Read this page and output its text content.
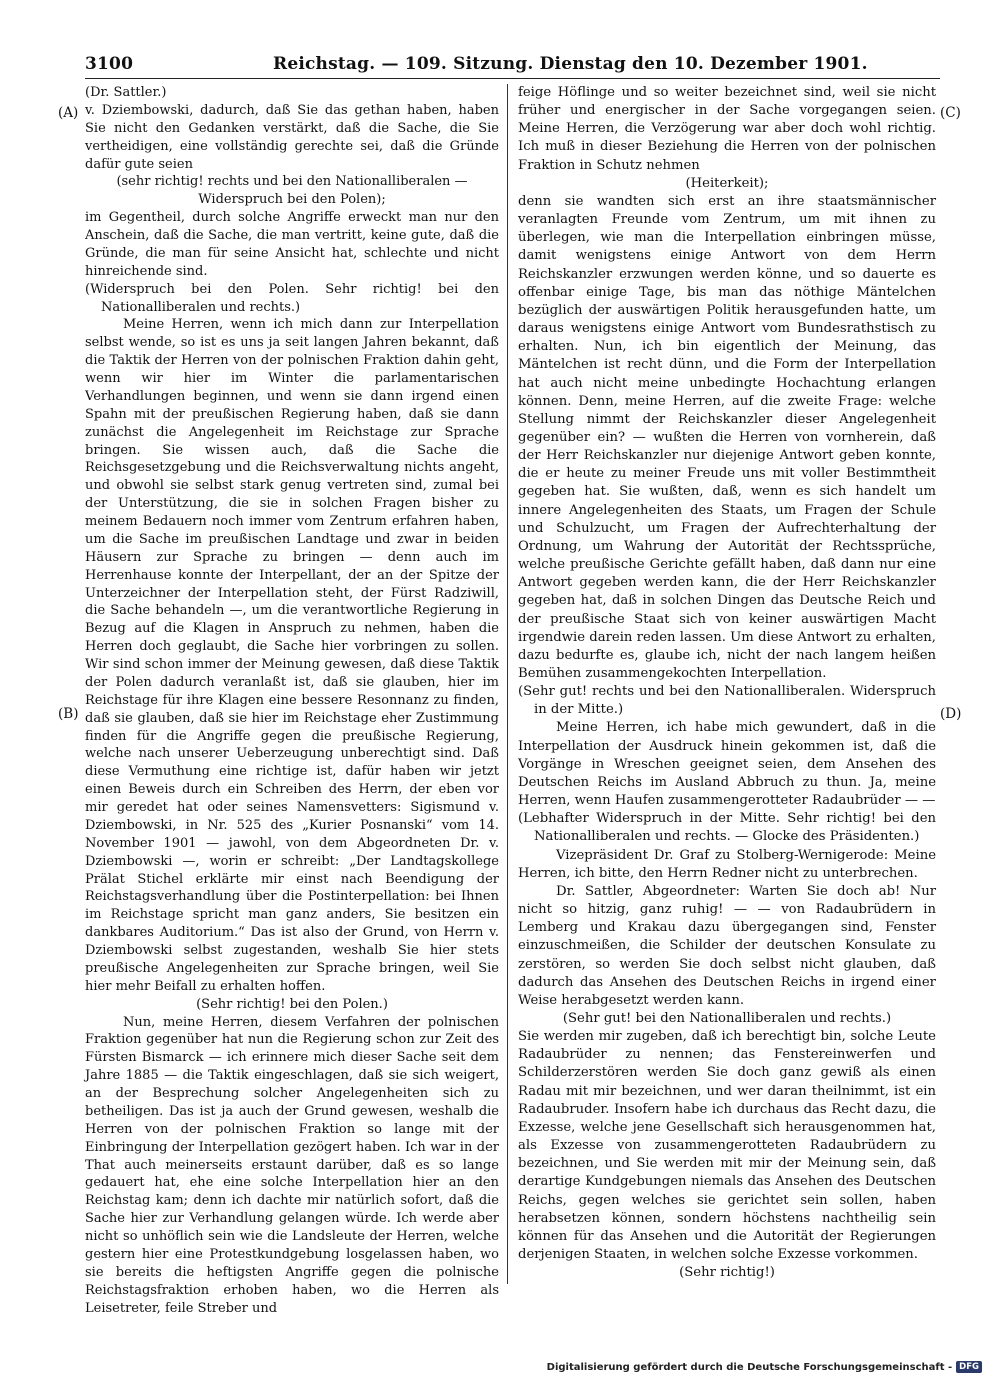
3100	Reichstag. — 109. Sitzung. Dienstag den 10. Dezember 1901.
(A)
(B)
(C)
(D)

(Dr. Sattler.)

v. Dziembowski, dadurch, daß Sie das gethan haben, haben Sie nicht den Gedanken verstärkt, daß die Sache, die Sie vertheidigen, eine vollständig gerechte sei, daß die Gründe dafür gute seien

(sehr richtig! rechts und bei den Nationalliberalen — Widerspruch bei den Polen);

im Gegentheil, durch solche Angriffe erweckt man nur den Anschein, daß die Sache, die man vertritt, keine gute, daß die Gründe, die man für seine Ansicht hat, schlechte und nicht hinreichende sind.

(Widerspruch bei den Polen. Sehr richtig! bei den Nationalliberalen und rechts.)

Meine Herren, wenn ich mich dann zur Interpellation selbst wende, so ist es uns ja seit langen Jahren bekannt, daß die Taktik der Herren von der polnischen Fraktion dahin geht, wenn wir hier im Winter die parlamentarischen Verhandlungen beginnen, und wenn sie dann irgend einen Spahn mit der preußischen Regierung haben, daß sie dann zunächst die Angelegenheit im Reichstage zur Sprache bringen. Sie wissen auch, daß die Sache die Reichsgesetzgebung und die Reichsverwaltung nichts angeht, und obwohl sie selbst stark genug vertreten sind, zumal bei der Unterstützung, die sie in solchen Fragen bisher zu meinem Bedauern noch immer vom Zentrum erfahren haben, um die Sache im preußischen Landtage und zwar in beiden Häusern zur Sprache zu bringen — denn auch im Herrenhause konnte der Interpellant, der an der Spitze der Unterzeichner der Interpellation steht, der Fürst Radziwill, die Sache behandeln —, um die verantwortliche Regierung in Bezug auf die Klagen in Anspruch zu nehmen, haben die Herren doch geglaubt, die Sache hier vorbringen zu sollen. Wir sind schon immer der Meinung gewesen, daß diese Taktik der Polen dadurch veranlaßt ist, daß sie glauben, hier im Reichstage für ihre Klagen eine bessere Resonnanz zu finden, daß sie glauben, daß sie hier im Reichstage eher Zustimmung finden für die Angriffe gegen die preußische Regierung, welche nach unserer Ueberzeugung unberechtigt sind. Daß diese Vermuthung eine richtige ist, dafür haben wir jetzt einen Beweis durch ein Schreiben des Herrn, der eben vor mir geredet hat oder seines Namensvetters: Sigismund v. Dziembowski, in Nr. 525 des „Kurier Posnanski“ vom 14. November 1901 — jawohl, von dem Abgeordneten Dr. v. Dziembowski —, worin er schreibt: „Der Landtagskollege Prälat Stichel erklärte mir einst nach Beendigung der Reichstagsverhandlung über die Postinterpellation: bei Ihnen im Reichstage spricht man ganz anders, Sie besitzen ein dankbares Auditorium.“ Das ist also der Grund, von Herrn v. Dziembowski selbst zugestanden, weshalb Sie hier stets preußische Angelegenheiten zur Sprache bringen, weil Sie hier mehr Beifall zu erhalten hoffen.

(Sehr richtig! bei den Polen.)

Nun, meine Herren, diesem Verfahren der polnischen Fraktion gegenüber hat nun die Regierung schon zur Zeit des Fürsten Bismarck — ich erinnere mich dieser Sache seit dem Jahre 1885 — die Taktik eingeschlagen, daß sie sich weigert, an der Besprechung solcher Angelegenheiten sich zu betheiligen. Das ist ja auch der Grund gewesen, weshalb die Herren von der polnischen Fraktion so lange mit der Einbringung der Interpellation gezögert haben. Ich war in der That auch meinerseits erstaunt darüber, daß es so lange gedauert hat, ehe eine solche Interpellation hier an den Reichstag kam; denn ich dachte mir natürlich sofort, daß die Sache hier zur Verhandlung gelangen würde. Ich werde aber nicht so unhöflich sein wie die Landsleute der Herren, welche gestern hier eine Protestkundgebung losgelassen haben, wo sie bereits die heftigsten Angriffe gegen die polnische Reichstagsfraktion erhoben haben, wo die Herren als Leisetreter, feile Streber und

feige Höflinge und so weiter bezeichnet sind, weil sie nicht früher und energischer in der Sache vorgegangen seien. Meine Herren, die Verzögerung war aber doch wohl richtig. Ich muß in dieser Beziehung die Herren von der polnischen Fraktion in Schutz nehmen

(Heiterkeit);

denn sie wandten sich erst an ihre staatsmännischer veranlagten Freunde vom Zentrum, um mit ihnen zu überlegen, wie man die Interpellation einbringen müsse, damit wenigstens einige Antwort von dem Herrn Reichskanzler erzwungen werden könne, und so dauerte es offenbar einige Tage, bis man das nöthige Mäntelchen bezüglich der auswärtigen Politik herausgefunden hatte, um daraus wenigstens einige Antwort vom Bundesrathstisch zu erhalten. Nun, ich bin eigentlich der Meinung, das Mäntelchen ist recht dünn, und die Form der Interpellation hat auch nicht meine unbedingte Hochachtung erlangen können. Denn, meine Herren, auf die zweite Frage: welche Stellung nimmt der Reichskanzler dieser Angelegenheit gegenüber ein? — wußten die Herren von vornherein, daß der Herr Reichskanzler nur diejenige Antwort geben konnte, die er heute zu meiner Freude uns mit voller Bestimmtheit gegeben hat. Sie wußten, daß, wenn es sich handelt um innere Angelegenheiten des Staats, um Fragen der Schule und Schulzucht, um Fragen der Aufrechterhaltung der Ordnung, um Wahrung der Autorität der Rechtssprüche, welche preußische Gerichte gefällt haben, daß dann nur eine Antwort gegeben werden kann, die der Herr Reichskanzler gegeben hat, daß in solchen Dingen das Deutsche Reich und der preußische Staat sich von keiner auswärtigen Macht irgendwie darein reden lassen. Um diese Antwort zu erhalten, dazu bedurfte es, glaube ich, nicht der nach langem heißen Bemühen zusammengekochten Interpellation.

(Sehr gut! rechts und bei den Nationalliberalen. Widerspruch in der Mitte.)

Meine Herren, ich habe mich gewundert, daß in die Interpellation der Ausdruck hinein gekommen ist, daß die Vorgänge in Wreschen geeignet seien, dem Ansehen des Deutschen Reichs im Ausland Abbruch zu thun. Ja, meine Herren, wenn Haufen zusammengerotteter Radaubrüder — —

(Lebhafter Widerspruch in der Mitte. Sehr richtig! bei den Nationalliberalen und rechts. — Glocke des Präsidenten.)

Vizepräsident Dr. Graf zu Stolberg-Wernigerode: Meine Herren, ich bitte, den Herrn Redner nicht zu unterbrechen.

Dr. Sattler, Abgeordneter: Warten Sie doch ab! Nur nicht so hitzig, ganz ruhig! — — von Radaubrüdern in Lemberg und Krakau dazu übergegangen sind, Fenster einzuschmeißen, die Schilder der deutschen Konsulate zu zerstören, so werden Sie doch selbst nicht glauben, daß dadurch das Ansehen des Deutschen Reichs in irgend einer Weise herabgesetzt werden kann.

(Sehr gut! bei den Nationalliberalen und rechts.)

Sie werden mir zugeben, daß ich berechtigt bin, solche Leute Radaubrüder zu nennen; das Fenstereinwerfen und Schilderzerstören werden Sie doch ganz gewiß als einen Radau mit mir bezeichnen, und wer daran theilnimmt, ist ein Radaubruder. Insofern habe ich durchaus das Recht dazu, die Exzesse, welche jene Gesellschaft sich herausgenommen hat, als Exzesse von zusammengerotteten Radaubrüdern zu bezeichnen, und Sie werden mit mir der Meinung sein, daß derartige Kundgebungen niemals das Ansehen des Deutschen Reichs, gegen welches sie gerichtet sein sollen, haben herabsetzen können, sondern höchstens nachtheilig sein können für das Ansehen und die Autorität der Regierungen derjenigen Staaten, in welchen solche Exzesse vorkommen.

(Sehr richtig!)

Digitalisierung gefördert durch die Deutsche Forschungsgemeinschaft - DFG
